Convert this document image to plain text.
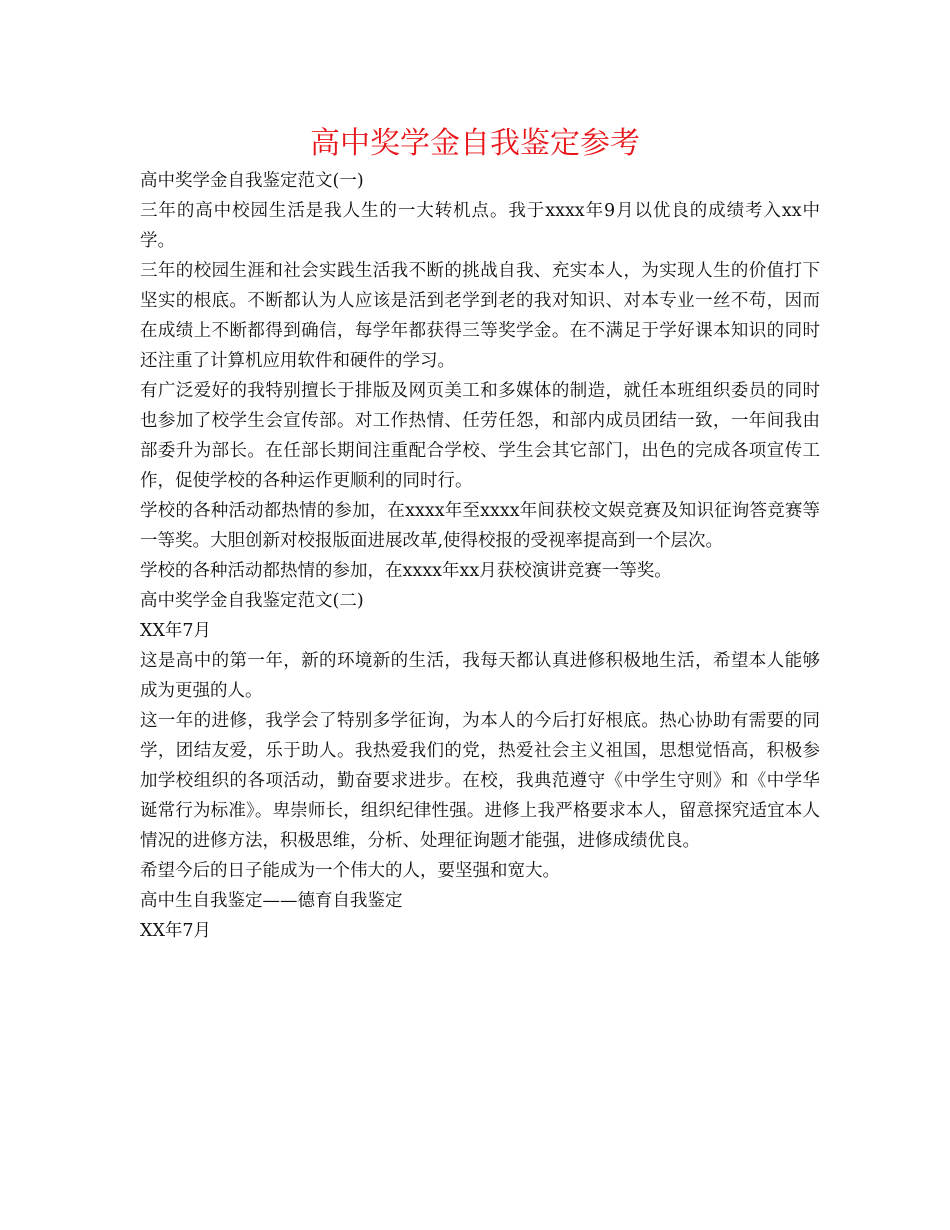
高中奖学金自我鉴定参考

高中奖学金自我鉴定范文(一)

三年的高中校园生活是我人生的一大转机点。我于xxxx年9月以优良的成绩考入xx中学。

三年的校园生涯和社会实践生活我不断的挑战自我、充实本人，为实现人生的价值打下坚实的根底。不断都认为人应该是活到老学到老的我对知识、对本专业一丝不苟，因而在成绩上不断都得到确信，每学年都获得三等奖学金。在不满足于学好课本知识的同时还注重了计算机应用软件和硬件的学习。

有广泛爱好的我特别擅长于排版及网页美工和多媒体的制造，就任本班组织委员的同时也参加了校学生会宣传部。对工作热情、任劳任怨，和部内成员团结一致，一年间我由部委升为部长。在任部长期间注重配合学校、学生会其它部门，出色的完成各项宣传工作，促使学校的各种运作更顺利的同时行。

学校的各种活动都热情的参加，在xxxx年至xxxx年间获校文娱竞赛及知识征询答竞赛等一等奖。大胆创新对校报版面进展改革,使得校报的受视率提高到一个层次。

学校的各种活动都热情的参加，在xxxx年xx月获校演讲竞赛一等奖。

高中奖学金自我鉴定范文(二)

XX年7月

这是高中的第一年，新的环境新的生活，我每天都认真进修积极地生活，希望本人能够成为更强的人。

这一年的进修，我学会了特别多学征询，为本人的今后打好根底。热心协助有需要的同学，团结友爱，乐于助人。我热爱我们的党，热爱社会主义祖国，思想觉悟高，积极参加学校组织的各项活动，勤奋要求进步。在校，我典范遵守《中学生守则》和《中学华诞常行为标准》。卑崇师长，组织纪律性强。进修上我严格要求本人，留意探究适宜本人情况的进修方法，积极思维，分析、处理征询题才能强，进修成绩优良。

希望今后的日子能成为一个伟大的人，要坚强和宽大。

高中生自我鉴定——德育自我鉴定

XX年7月
